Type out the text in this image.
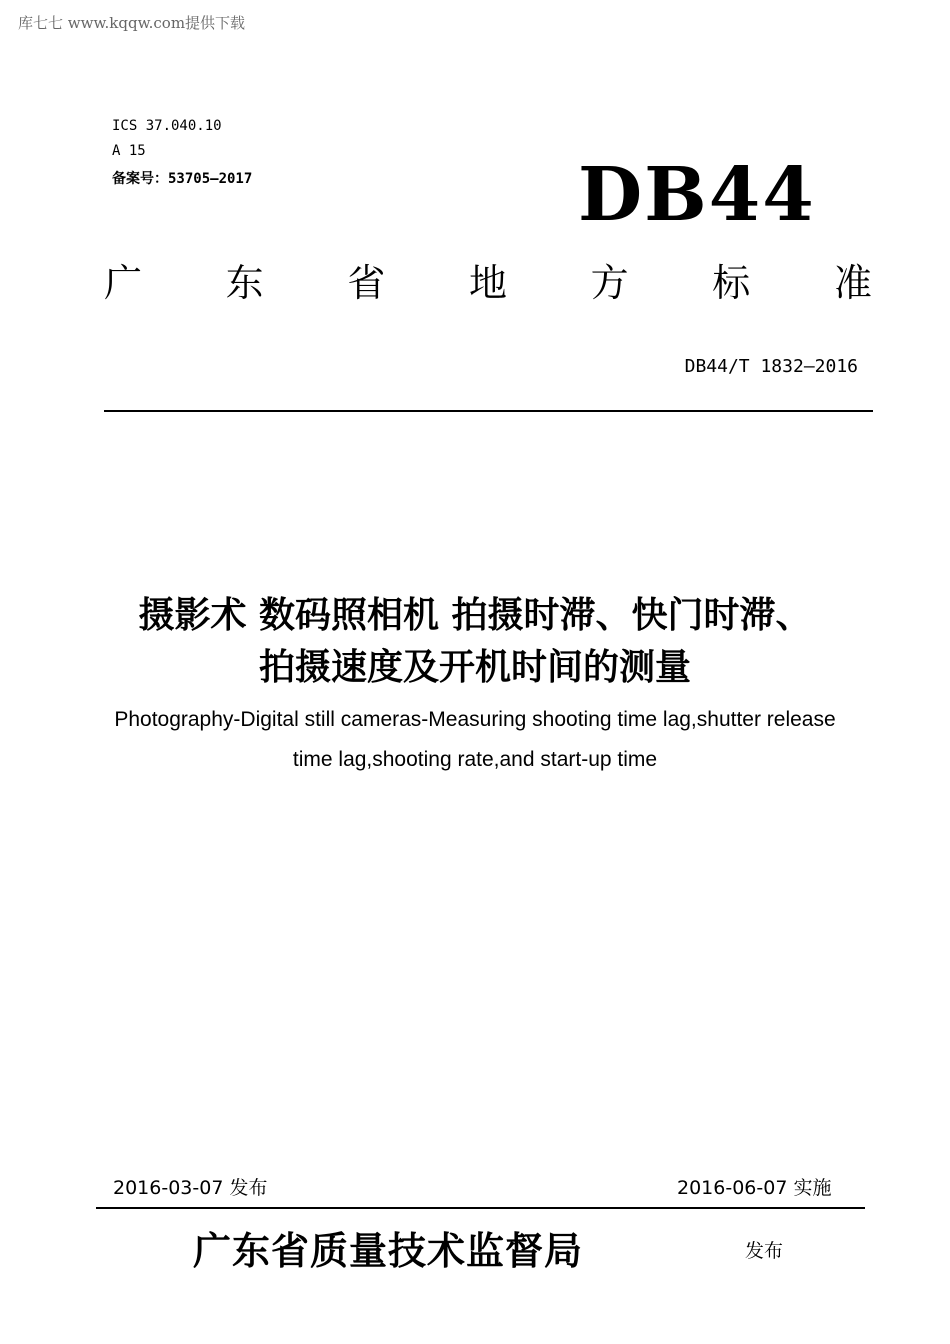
库七七 www.kqqw.com提供下载
ICS 37.040.10
A 15
备案号：53705—2017	DB44
广 东 省 地 方 标 准
DB44/T 1832—2016
摄影术 数码照相机 拍摄时滞、快门时滞、
拍摄速度及开机时间的测量
Photography-Digital still cameras-Measuring shooting time lag,shutter release
time lag,shooting rate,and start-up time
2016-03-07 发布	2016-06-07 实施
广东省质量技术监督局	发布
